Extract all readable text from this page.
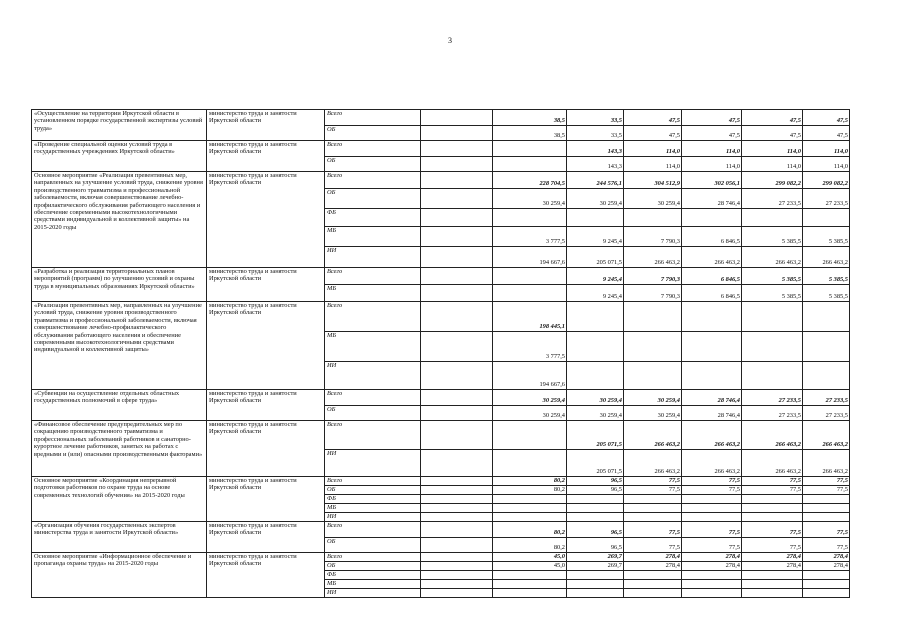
3
«Осуществление на территории Иркутской области в установленном порядке государственной экспертизы условий труда»	министерство труда и занятости Иркутской области	Всего		38,5	33,5	47,5	47,5	47,5	47,5
		ОБ		38,5	33,5	47,5	47,5	47,5	47,5
«Проведение специальной оценки условий труда в государственных учреждениях Иркутской области»	министерство труда и занятости Иркутской области	Всего			143,3	114,0	114,0	114,0	114,0
		ОБ			143,3	114,0	114,0	114,0	114,0
Основное мероприятие «Реализация превентивных мер, направленных на улучшение условий труда, снижение уровня производственного травматизма и профессиональной заболеваемости, включая совершенствование лечебно-профилактического обслуживания работающего населения и обеспечение современными высокотехнологичными средствами индивидуальной и коллективной защиты» на 2015-2020 годы	министерство труда и занятости Иркутской области	Всего		228 704,5	244 576,1	304 512,9	302 056,1	299 082,2	299 082,2
		ОБ		30 259,4	30 259,4	30 259,4	28 746,4	27 233,5	27 233,5
		ФБ							
		МБ		3 777,5	9 245,4	7 790,3	6 846,5	5 385,5	5 385,5
		ИИ		194 667,6	205 071,5	266 463,2	266 463,2	266 463,2	266 463,2
«Разработка и реализация территориальных планов мероприятий (программ) по улучшению условий и охраны труда в муниципальных образованиях Иркутской области»	министерство труда и занятости Иркутской области	Всего			9 245,4	7 790,3	6 846,5	5 385,5	5 385,5
		МБ			9 245,4	7 790,3	6 846,5	5 385,5	5 385,5
«Реализация превентивных мер, направленных на улучшение условий труда, снижение уровня производственного травматизма и профессиональной заболеваемости, включая совершенствование лечебно-профилактического обслуживания работающего населения и обеспечение современными высокотехнологичными средствами индивидуальной и коллективной защиты»	министерство труда и занятости Иркутской области	Всего		198 445,1					
		МБ		3 777,5					
		ИИ		194 667,6					
«Субвенции на осуществление отдельных областных государственных полномочий в сфере труда»	министерство труда и занятости Иркутской области	Всего		30 259,4	30 259,4	30 259,4	28 746,4	27 233,5	27 233,5
		ОБ		30 259,4	30 259,4	30 259,4	28 746,4	27 233,5	27 233,5
«Финансовое обеспечение предупредительных мер по сокращению производственного травматизма и профессиональных заболеваний работников и санаторно-курортное лечение работников, занятых на работах с вредными и (или) опасными производственными факторами»	министерство труда и занятости Иркутской области	Всего			205 071,5	266 463,2	266 463,2	266 463,2	266 463,2
		ИИ			205 071,5	266 463,2	266 463,2	266 463,2	266 463,2
Основное мероприятие «Координация непрерывной подготовки работников по охране труда на основе современных технологий обучения» на 2015-2020 годы	министерство труда и занятости Иркутской области	Всего		80,2	96,5	77,5	77,5	77,5	77,5
		ОБ		80,2	96,5	77,5	77,5	77,5	77,5
		ФБ							
		МБ							
		ИИ							
«Организация обучения государственных экспертов министерства труда и занятости Иркутской области»	министерство труда и занятости Иркутской области	Всего		80,2	96,5	77,5	77,5	77,5	77,5
		ОБ		80,2	96,5	77,5	77,5	77,5	77,5
Основное мероприятие «Информационное обеспечение и пропаганда охраны труда» на 2015-2020 годы	министерство труда и занятости Иркутской области	Всего		45,0	269,7	278,4	278,4	278,4	278,4
		ОБ		45,0	269,7	278,4	278,4	278,4	278,4
		ФБ							
		МБ							
		ИИ							
